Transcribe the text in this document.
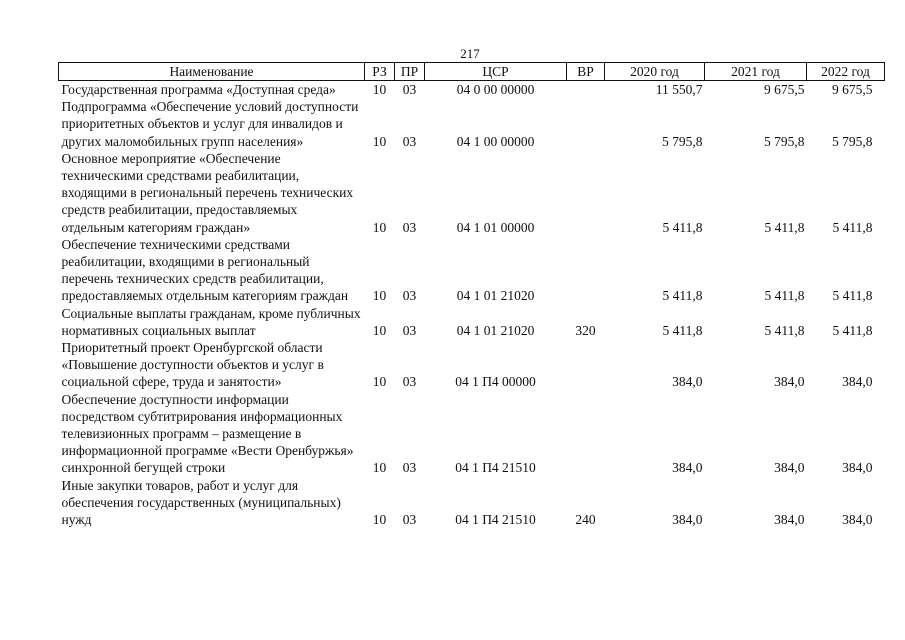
217
Наименование	РЗ	ПР	ЦСР	ВР	2020 год	2021 год	2022 год
Государственная программа «Доступная среда»	10	03	04 0 00 00000		11 550,7	9 675,5	9 675,5
Подпрограмма «Обеспечение условий доступности приоритетных объектов и услуг для инвалидов и других маломобильных групп населения»	10	03	04 1 00 00000		5 795,8	5 795,8	5 795,8
Основное мероприятие «Обеспечение техническими средствами реабилитации, входящими в региональный перечень технических средств реабилитации, предоставляемых отдельным категориям граждан»	10	03	04 1 01 00000		5 411,8	5 411,8	5 411,8
Обеспечение техническими средствами реабилитации, входящими в региональный перечень технических средств реабилитации, предоставляемых отдельным категориям граждан	10	03	04 1 01 21020		5 411,8	5 411,8	5 411,8
Социальные выплаты гражданам, кроме публичных нормативных социальных выплат	10	03	04 1 01 21020	320	5 411,8	5 411,8	5 411,8
Приоритетный проект Оренбургской области «Повышение доступности объектов и услуг в социальной сфере, труда и занятости»	10	03	04 1 П4 00000		384,0	384,0	384,0
Обеспечение доступности информации посредством субтитрирования информационных телевизионных программ – размещение в информационной программе «Вести Оренбуржья» синхронной бегущей строки	10	03	04 1 П4 21510		384,0	384,0	384,0
Иные закупки товаров, работ и услуг для обеспечения государственных (муниципальных) нужд	10	03	04 1 П4 21510	240	384,0	384,0	384,0
